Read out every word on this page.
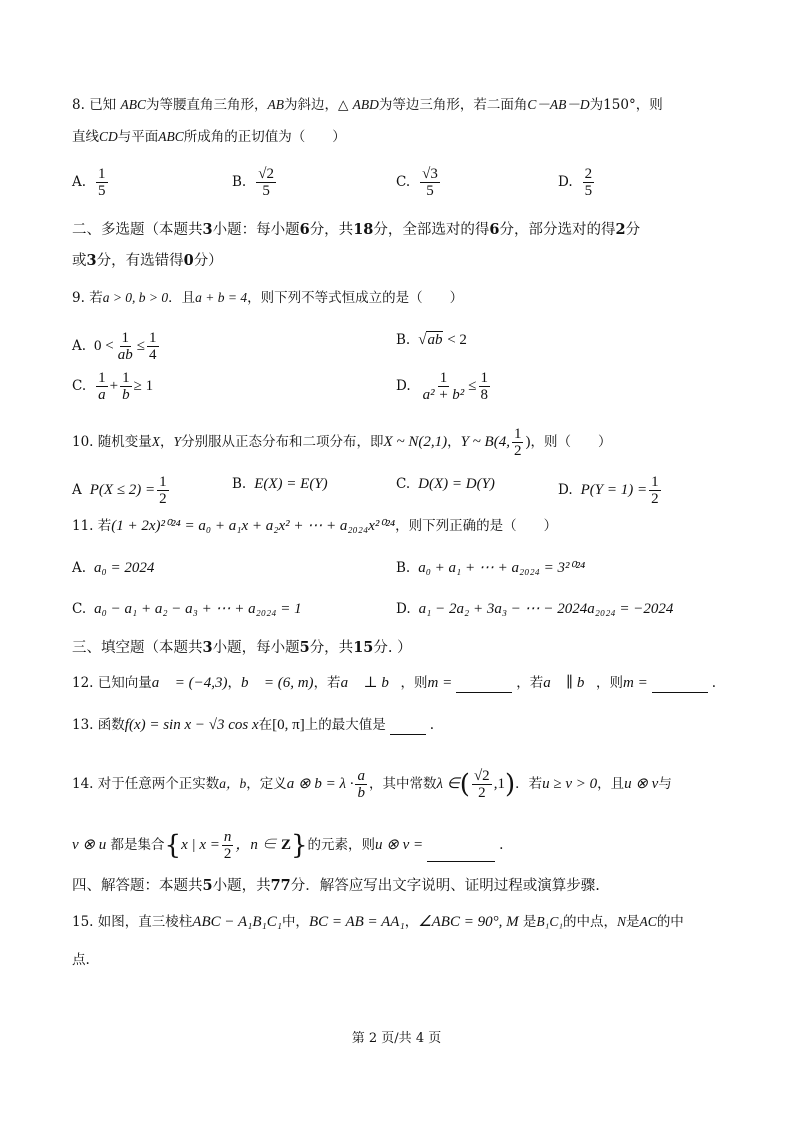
8. 已知 ABC为等腰直角三角形，AB为斜边，△ ABD为等边三角形，若二面角C－AB－D为150°，则
直线CD与平面ABC所成角的正切值为（　　）
A. $\frac{1}{5}$	B. $\frac{√2}{5}$	C. $\frac{√3}{5}$	D. $\frac{2}{5}$
二、多选题（本题共3小题：每小题6分，共18分，全部选对的得6分，部分选对的得2分
或3分，有选错得0分）
9. 若a > 0, b > 0．且a + b = 4，则下列不等式恒成立的是（　　）
A. $0 < \frac{1}{ab} \le \frac{1}{4}$	B. √ab < 2
C. $\frac{1}{a} + \frac{1}{b} \ge 1$	D. $\frac{1}{\text{a² + b²}} \le \frac{1}{8}$
10. 随机变量X，Y分别服从正态分布和二项分布，即X ~ N(2,1)，Y ~ B(4, $\frac{1}{2}$ )，则（　　）
A $P(X \le 2) = \frac{1}{2}$	B. E(X) = E(Y)	C. D(X) = D(Y)	D. $P(Y = 1) = \frac{1}{2}$
11. 若(1 + 2x)²⁰²⁴ = a₀ + a₁x + a₂x² + ⋯ + a₂₀₂₄x²⁰²⁴，则下列正确的是（　　）
A. a₀ = 2024	B. a₀ + a₁ + ⋯ + a₂₀₂₄ = 3²⁰²⁴
C. a₀ − a₁ + a₂ − a₃ + ⋯ + a₂₀₂₄ = 1	D. a₁ − 2a₂ + 3a₃ − ⋯ − 2024a₂₀₂₄ = −2024
三、填空题（本题共3小题，每小题5分，共15分. ）
12. 已知向量a⃗ = (−4,3)，b⃗ = (6, m)，若a⃗ ⊥ b⃗，则m =	，若a⃗ ∥ b⃗，则m =	.
13. 函数f(x) = sin x − √3 cos x在[0, π]上的最大值是	.
14. 对于任意两个正实数a，b，定义a ⊗ $b = \lambda \cdot \frac{a}{b}$ ，其中常数λ ∈( $\frac{√2}{2} ,1$)．若u ≥ v > 0，且u ⊗ v与
v ⊗ u 都是集合{x | $x = \frac{n}{2}$ ，n ∈ Z}的元素，则u ⊗ v =	.
四、解答题：本题共5小题，共77分．解答应写出文字说明、证明过程或演算步骤.
15. 如图，直三棱柱ABC − A₁B₁C₁中，BC = AB = AA₁，∠ABC = 90°, M 是B₁C₁的中点，N是AC的中
点.
第 2 页/共 4 页
